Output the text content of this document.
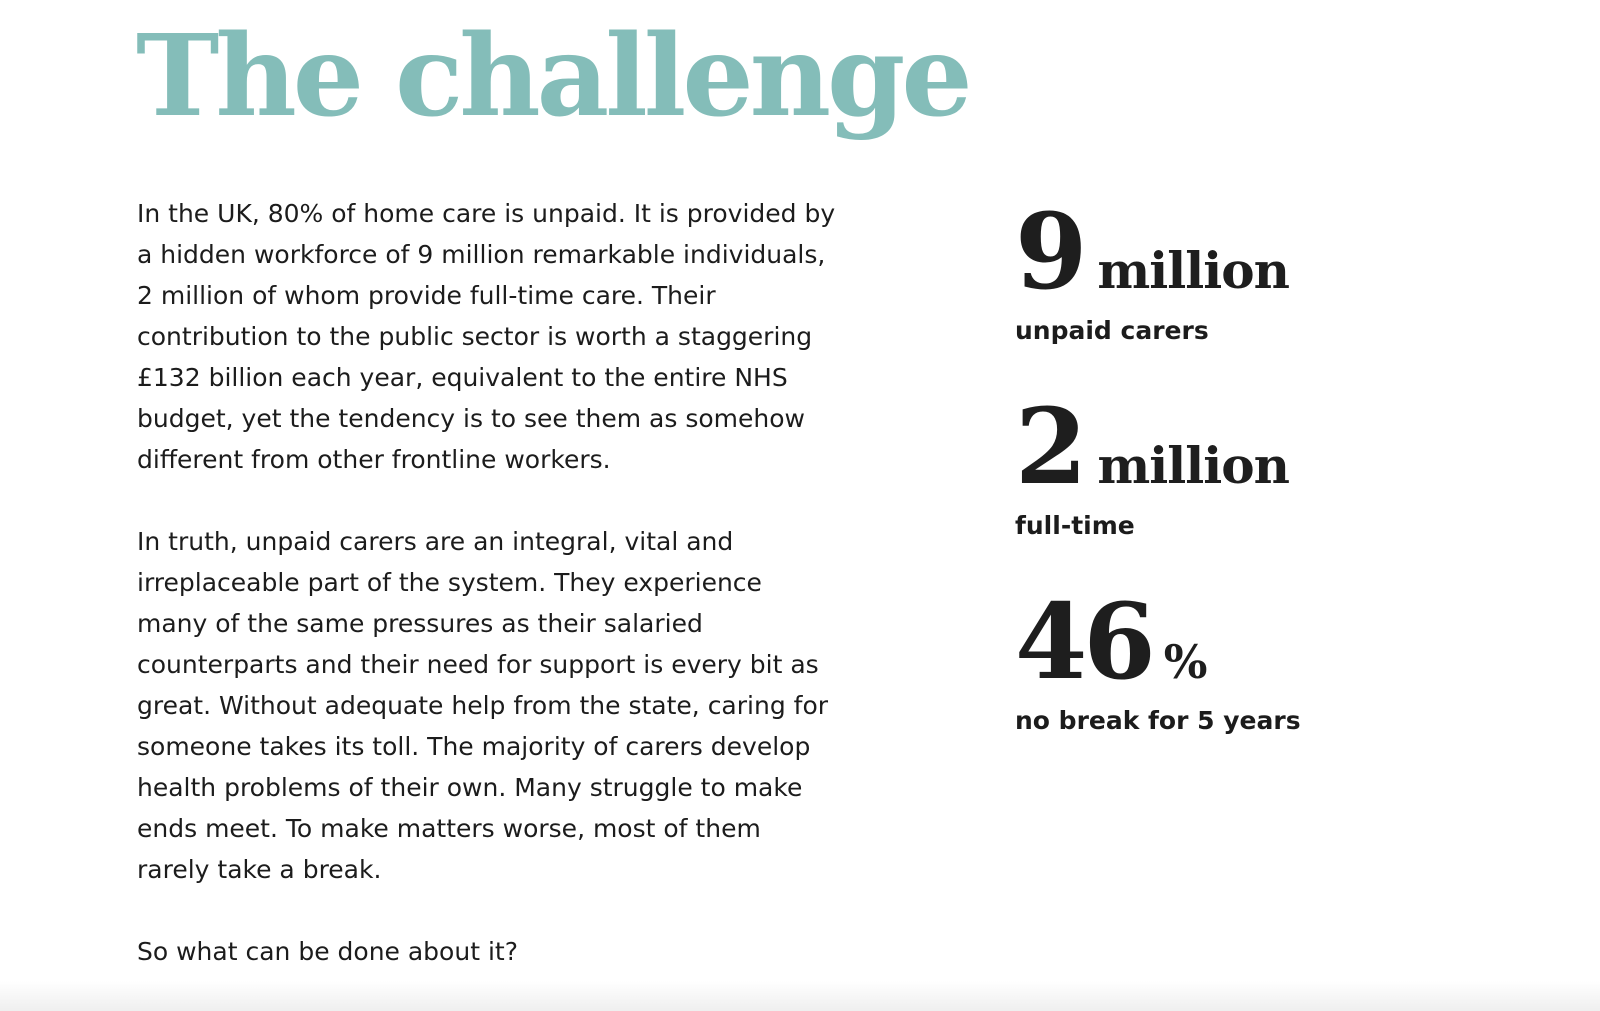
The challenge

In the UK, 80% of home care is unpaid. It is provided by
a hidden workforce of 9 million remarkable individuals,
2 million of whom provide full-time care. Their
contribution to the public sector is worth a staggering
£132 billion each year, equivalent to the entire NHS
budget, yet the tendency is to see them as somehow
different from other frontline workers.

In truth, unpaid carers are an integral, vital and
irreplaceable part of the system. They experience
many of the same pressures as their salaried
counterparts and their need for support is every bit as
great. Without adequate help from the state, caring for
someone takes its toll. The majority of carers develop
health problems of their own. Many struggle to make
ends meet. To make matters worse, most of them
rarely take a break.

So what can be done about it?

9 million
unpaid carers
2 million
full-time
46 %
no break for 5 years
